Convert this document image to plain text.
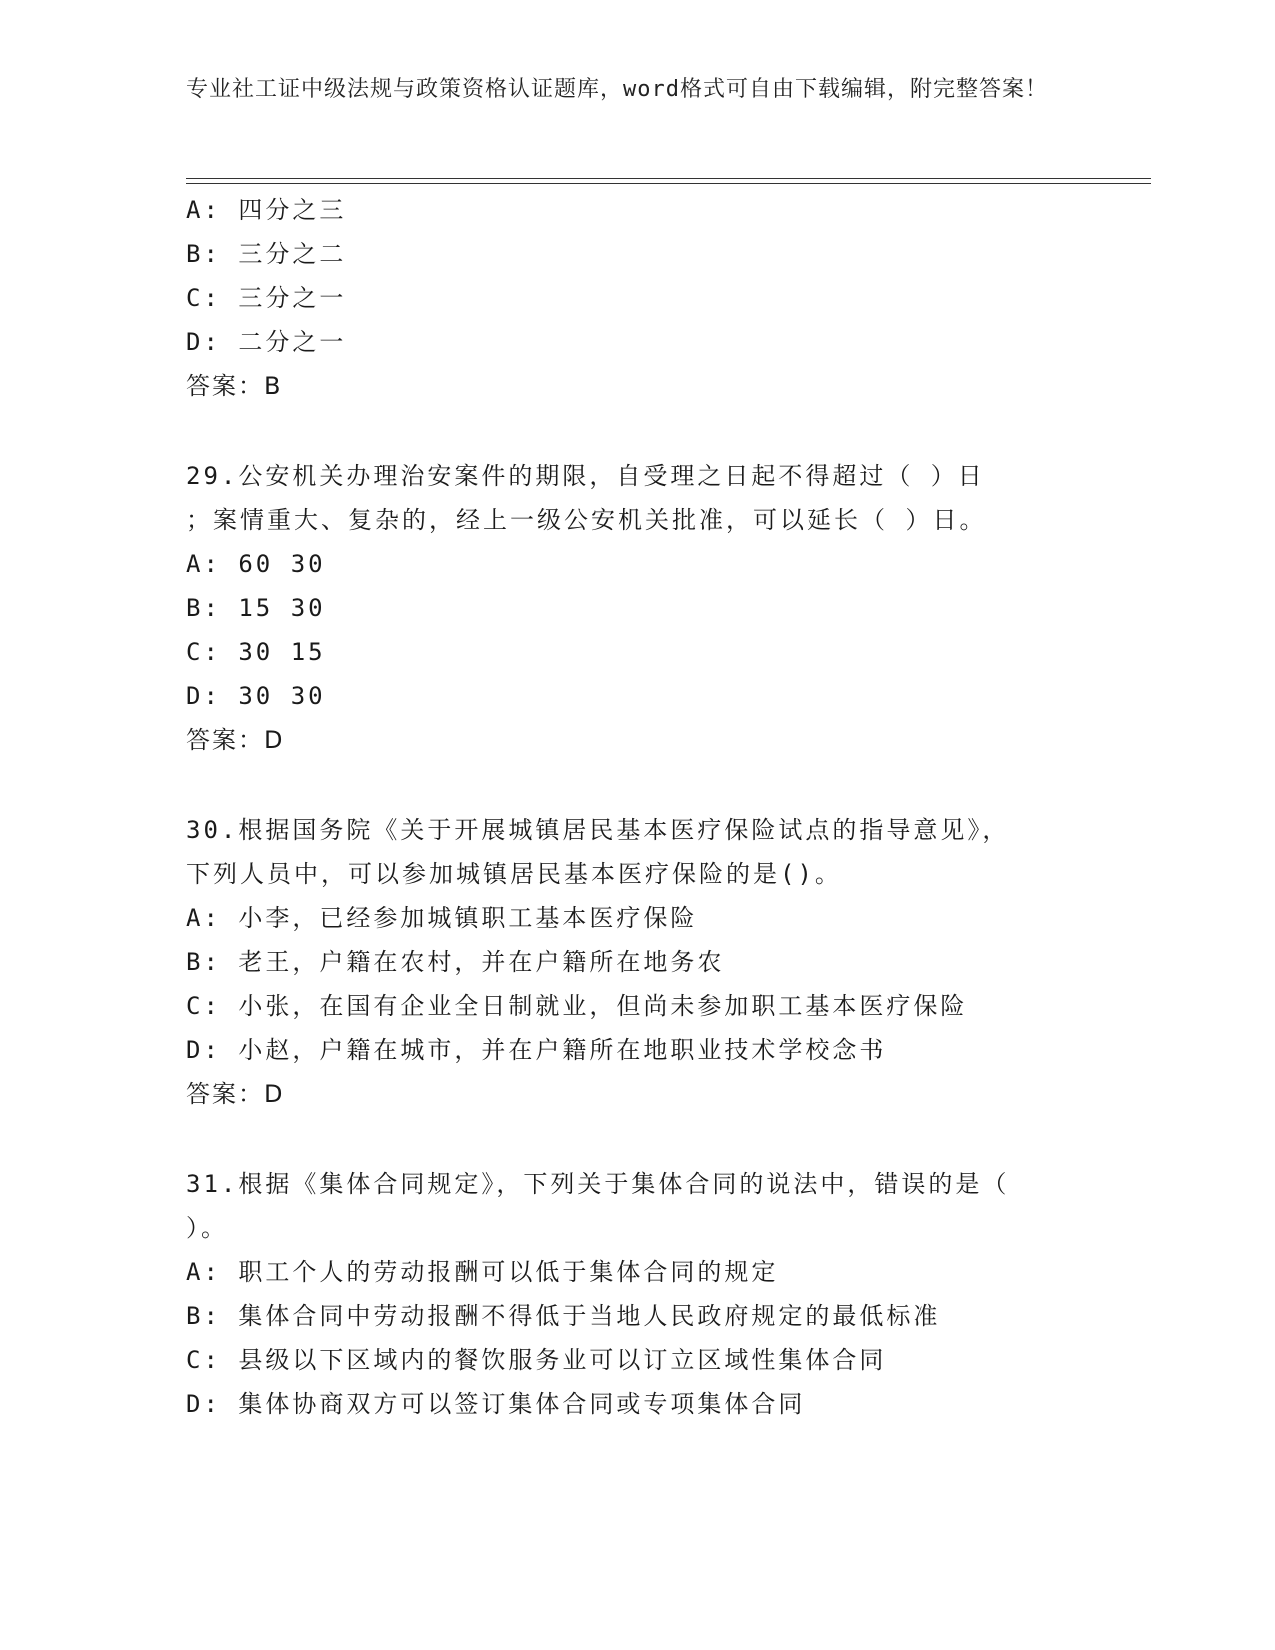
专业社工证中级法规与政策资格认证题库，word格式可自由下载编辑，附完整答案！
A: 四分之三
B: 三分之二
C: 三分之一
D: 二分之一
答案：B
29.公安机关办理治安案件的期限，自受理之日起不得超过（ ）日
；案情重大、复杂的，经上一级公安机关批准，可以延长（ ）日。
A: 60 30
B: 15 30
C: 30 15
D: 30 30
答案：D
30.根据国务院《关于开展城镇居民基本医疗保险试点的指导意见》，
下列人员中，可以参加城镇居民基本医疗保险的是()。
A: 小李，已经参加城镇职工基本医疗保险
B: 老王，户籍在农村，并在户籍所在地务农
C: 小张，在国有企业全日制就业，但尚未参加职工基本医疗保险
D: 小赵，户籍在城市，并在户籍所在地职业技术学校念书
答案：D
31.根据《集体合同规定》，下列关于集体合同的说法中，错误的是（
）。
A: 职工个人的劳动报酬可以低于集体合同的规定
B: 集体合同中劳动报酬不得低于当地人民政府规定的最低标准
C: 县级以下区域内的餐饮服务业可以订立区域性集体合同
D: 集体协商双方可以签订集体合同或专项集体合同
